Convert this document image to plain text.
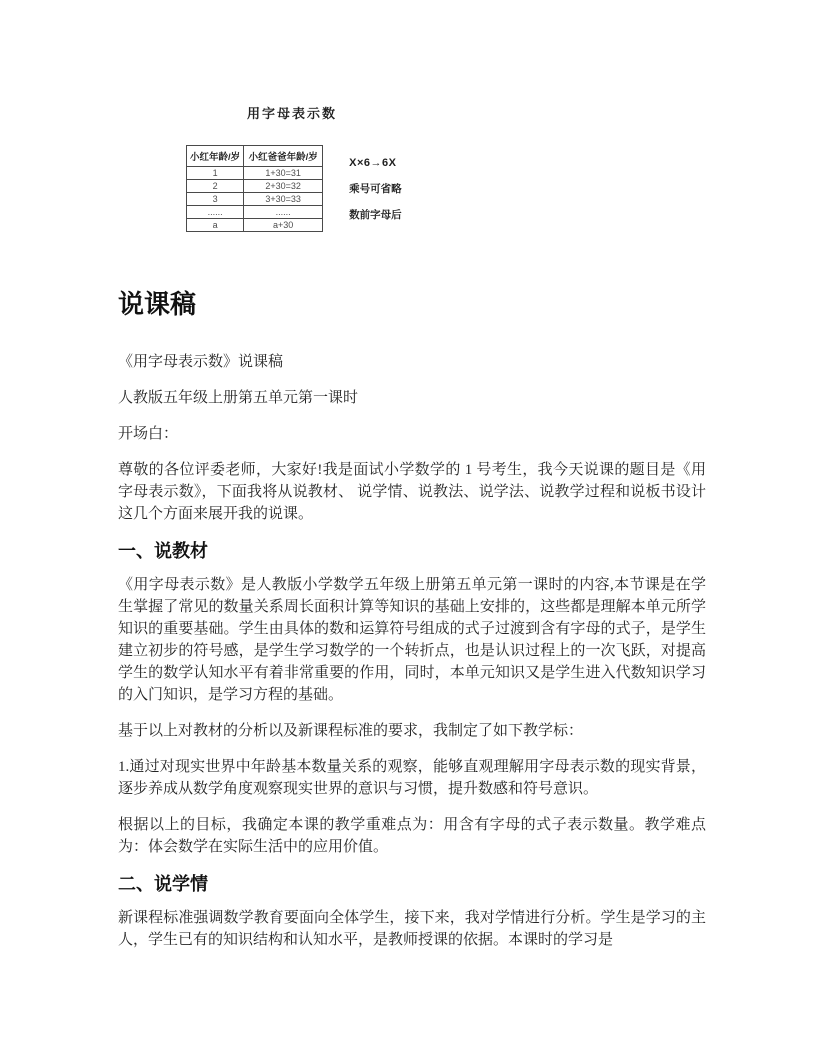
用字母表示数
小红年龄/岁	小红爸爸年龄/岁
1	1+30=31
2	2+30=32
3	3+30=33
......	......
a	a+30
X×6→6X
乘号可省略
数前字母后
说课稿

《用字母表示数》说课稿

人教版五年级上册第五单元第一课时

开场白：

尊敬的各位评委老师，大家好!我是面试小学数学的 1 号考生，我今天说课的题目是《用字母表示数》，下面我将从说教材、 说学情、说教法、说学法、说教学过程和说板书设计这几个方面来展开我的说课。

一、说教材

《用字母表示数》是人教版小学数学五年级上册第五单元第一课时的内容,本节课是在学生掌握了常见的数量关系周长面积计算等知识的基础上安排的，这些都是理解本单元所学知识的重要基础。学生由具体的数和运算符号组成的式子过渡到含有字母的式子，是学生建立初步的符号感，是学生学习数学的一个转折点，也是认识过程上的一次飞跃，对提高学生的数学认知水平有着非常重要的作用，同时，本单元知识又是学生进入代数知识学习的入门知识，是学习方程的基础。

基于以上对教材的分析以及新课程标准的要求，我制定了如下教学标：

1.通过对现实世界中年龄基本数量关系的观察，能够直观理解用字母表示数的现实背景，逐步养成从数学角度观察现实世界的意识与习惯，提升数感和符号意识。

根据以上的目标，我确定本课的教学重难点为：用含有字母的式子表示数量。教学难点为：体会数学在实际生活中的应用价值。

二、说学情

新课程标准强调数学教育要面向全体学生，接下来，我对学情进行分析。学生是学习的主人，学生已有的知识结构和认知水平，是教师授课的依据。本课时的学习是
